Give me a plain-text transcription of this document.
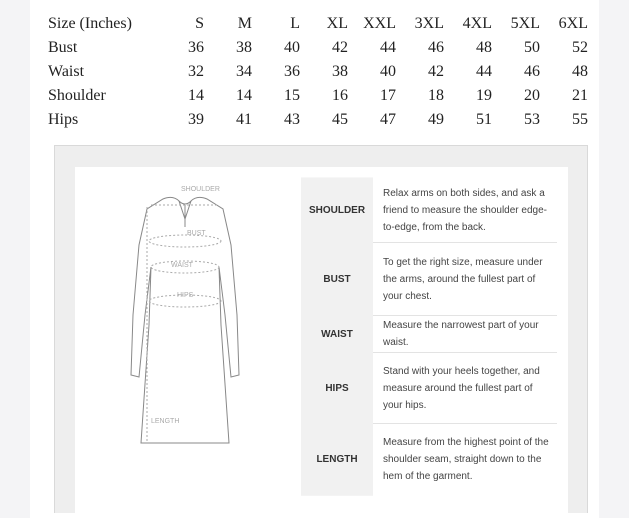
Size (Inches)	S	M	L	XL	XXL	3XL	4XL	5XL	6XL
Bust	36	38	40	42	44	46	48	50	52
Waist	32	34	36	38	40	42	44	46	48
Shoulder	14	14	15	16	17	18	19	20	21
Hips	39	41	43	45	47	49	51	53	55
SHOULDER
BUST
WAIST
HIPS
LENGTH
SHOULDER
Relax arms on both sides, and ask a friend to measure the shoulder edge-to-edge, from the back.
BUST
To get the right size, measure under the arms, around the fullest part of your chest.
WAIST
Measure the narrowest part of your waist.
HIPS
Stand with your heels together, and measure around the fullest part of your hips.
LENGTH
Measure from the highest point of the shoulder seam, straight down to the hem of the garment.
